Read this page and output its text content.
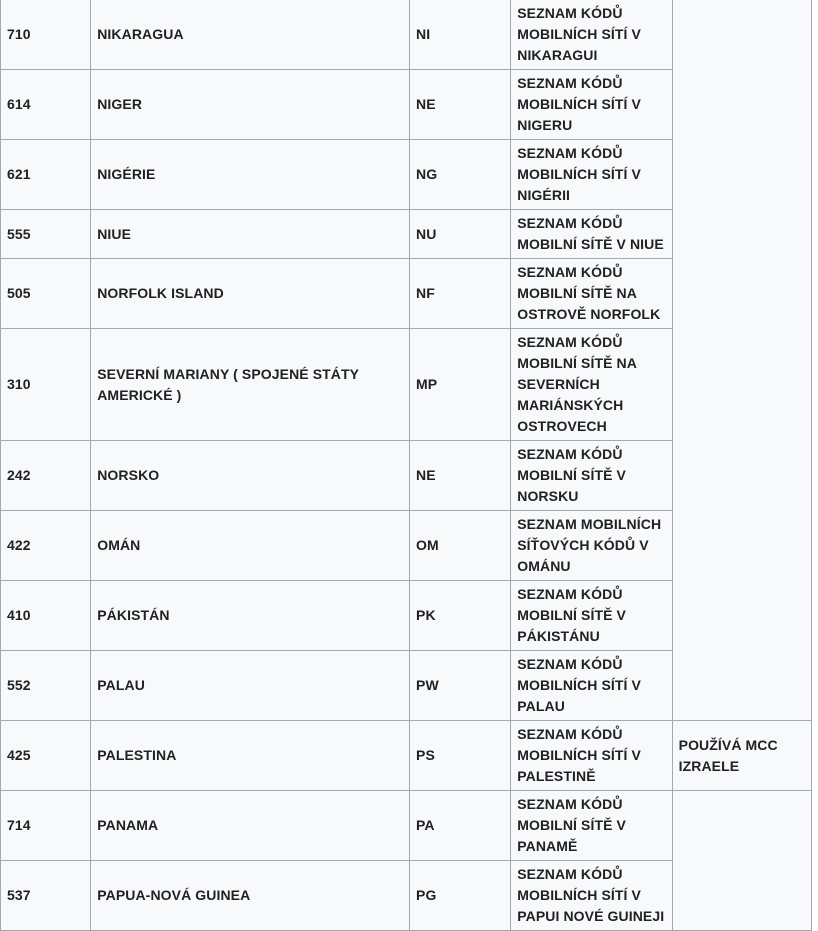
710	NIKARAGUA	NI	SEZNAM KÓDŮ MOBILNÍCH SÍTÍ V NIKARAGUI	
614	NIGER	NE	SEZNAM KÓDŮ MOBILNÍCH SÍTÍ V NIGERU	
621	NIGÉRIE	NG	SEZNAM KÓDŮ MOBILNÍCH SÍTÍ V NIGÉRII	
555	NIUE	NU	SEZNAM KÓDŮ MOBILNÍ SÍTĚ V NIUE	
505	NORFOLK ISLAND	NF	SEZNAM KÓDŮ MOBILNÍ SÍTĚ NA OSTROVĚ NORFOLK	
310	SEVERNÍ MARIANY ( SPOJENÉ STÁTY AMERICKÉ )	MP	SEZNAM KÓDŮ MOBILNÍ SÍTĚ NA SEVERNÍCH MARIÁNSKÝCH OSTROVECH	
242	NORSKO	NE	SEZNAM KÓDŮ MOBILNÍ SÍTĚ V NORSKU	
422	OMÁN	OM	SEZNAM MOBILNÍCH SÍŤOVÝCH KÓDŮ V OMÁNU	
410	PÁKISTÁN	PK	SEZNAM KÓDŮ MOBILNÍ SÍTĚ V PÁKISTÁNU	
552	PALAU	PW	SEZNAM KÓDŮ MOBILNÍCH SÍTÍ V PALAU	
425	PALESTINA	PS	SEZNAM KÓDŮ MOBILNÍCH SÍTÍ V PALESTINĚ	POUŽÍVÁ MCC IZRAELE
714	PANAMA	PA	SEZNAM KÓDŮ MOBILNÍ SÍTĚ V PANAMĚ	
537	PAPUA-NOVÁ GUINEA	PG	SEZNAM KÓDŮ MOBILNÍCH SÍTÍ V PAPUI NOVÉ GUINEJI	
